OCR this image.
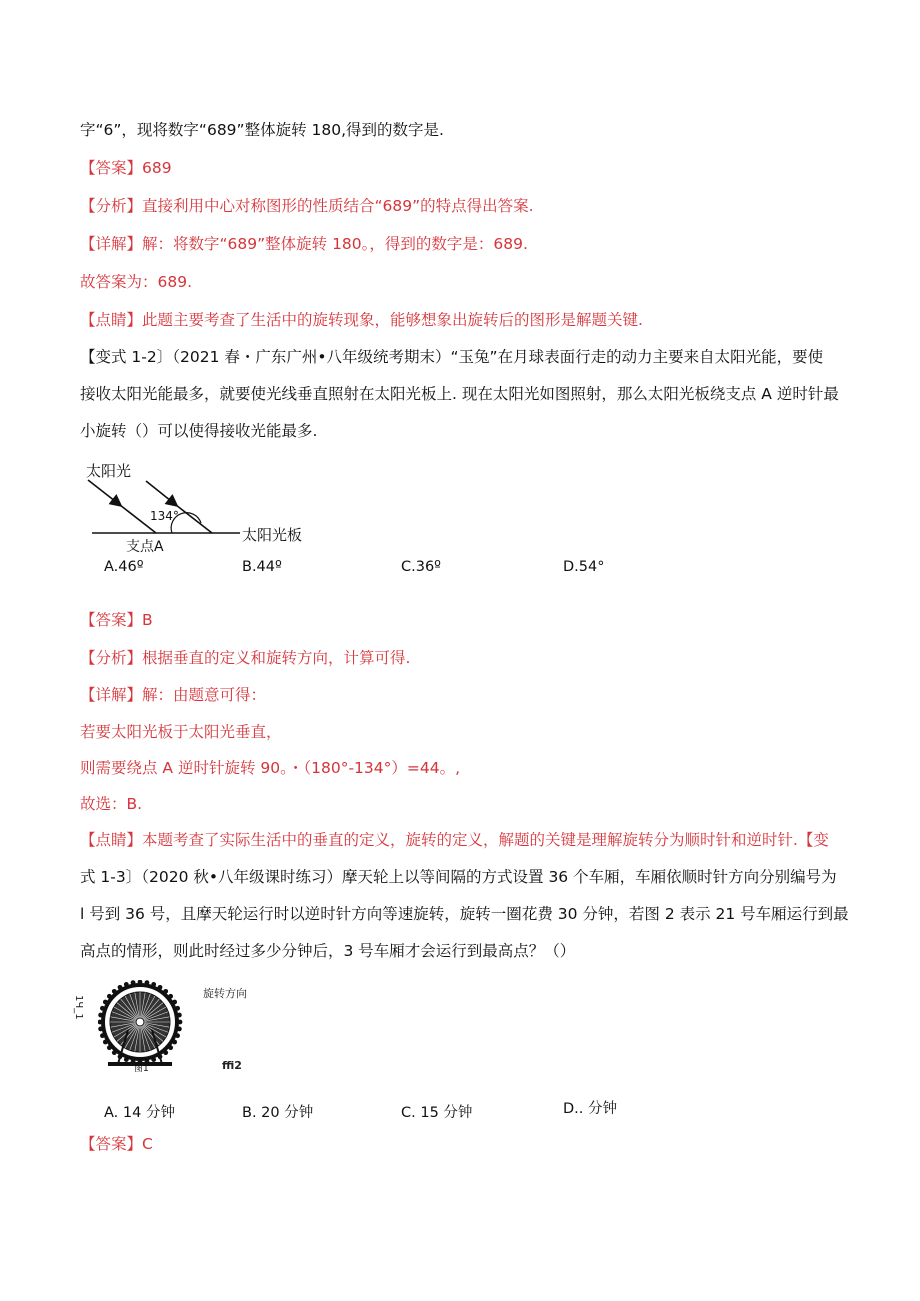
字“6”，现将数字“689”整体旋转 180,得到的数字是.
【答案】689
【分析】直接利用中心对称图形的性质结合“689”的特点得出答案.
【详解】解：将数字“689”整体旋转 180。，得到的数字是：689.
故答案为：689.
【点睛】此题主要考查了生活中的旋转现象，能够想象出旋转后的图形是解题关键.
【变式 1-2〕（2021 春・广东广州•八年级统考期末）“玉兔”在月球表面行走的动力主要来自太阳光能，要使
接收太阳光能最多，就要使光线垂直照射在太阳光板上. 现在太阳光如图照射，那么太阳光板绕支点 A 逆时针最
小旋转（）可以使得接收光能最多.
134°
太阳光
支点A
太阳光板
A.46º	B.44º	C.36º	D.54°
【答案】B
【分析】根据垂直的定义和旋转方向，计算可得.
【详解】解：由题意可得：
若要太阳光板于太阳光垂直，
则需要绕点 A 逆时针旋转 90。・（180°-134°）=44。,
故选：B.
【点睛】本题考查了实际生活中的垂直的定义，旋转的定义，解题的关键是理解旋转分为顺时针和逆时针.【变
式 1-3〕（2020 秋•八年级课时练习）摩天轮上以等间隔的方式设置 36 个车厢，车厢依顺时针方向分别编号为
l 号到 36 号，且摩天轮运行时以逆时针方向等速旋转，旋转一圈花费 30 分钟，若图 2 表示 21 号车厢运行到最
高点的情形，则此时经过多少分钟后，3 号车厢才会运行到最高点？（）
1Ч_1
图1
旋转方向
ffi2
A. 14 分钟	B. 20 分钟	C. 15 分钟	D.. 分钟
【答案】C
